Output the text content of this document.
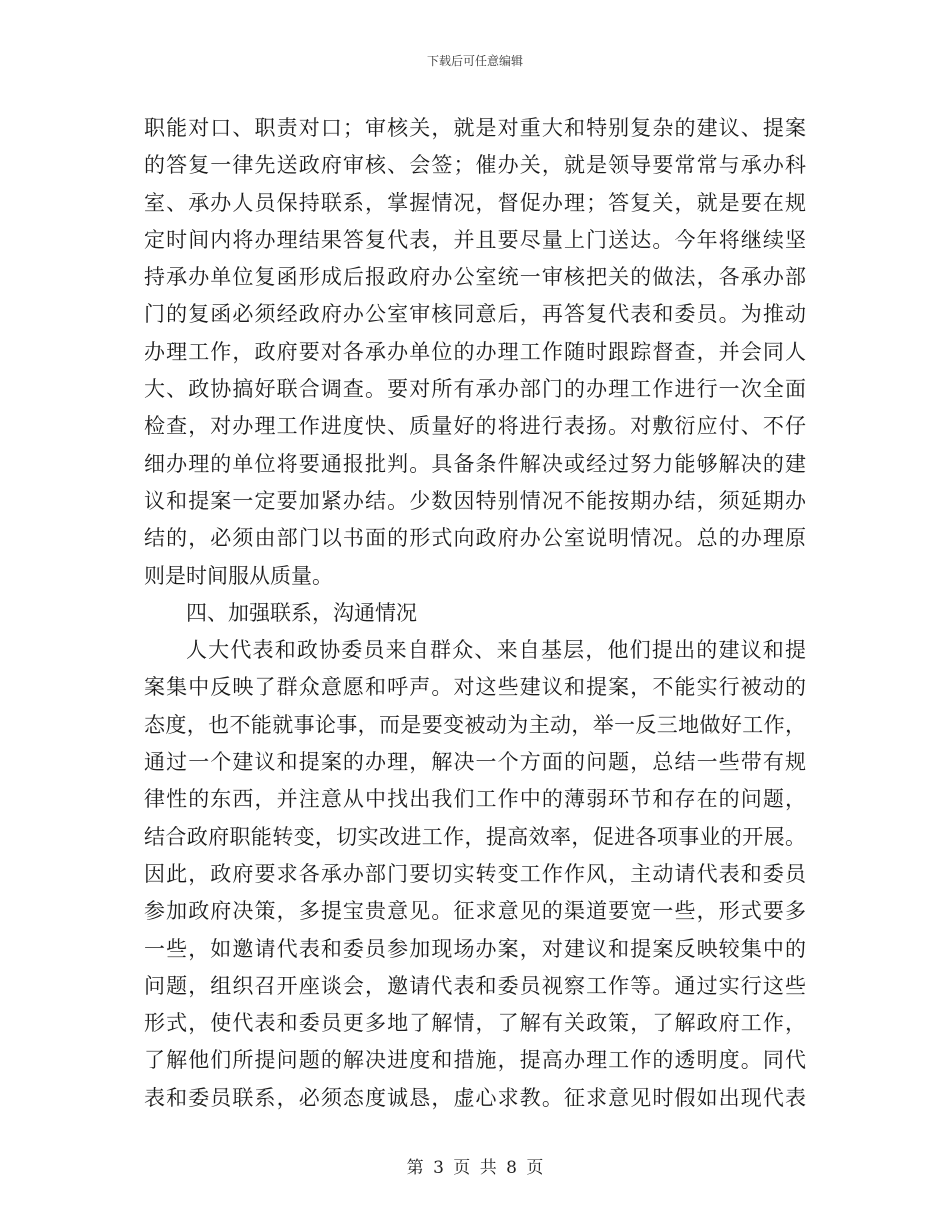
下载后可任意编辑
职能对口、职责对口；审核关，就是对重大和特别复杂的建议、提案
的答复一律先送政府审核、会签；催办关，就是领导要常常与承办科
室、承办人员保持联系，掌握情况，督促办理；答复关，就是要在规
定时间内将办理结果答复代表，并且要尽量上门送达。今年将继续坚
持承办单位复函形成后报政府办公室统一审核把关的做法，各承办部
门的复函必须经政府办公室审核同意后，再答复代表和委员。为推动
办理工作，政府要对各承办单位的办理工作随时跟踪督查，并会同人
大、政协搞好联合调查。要对所有承办部门的办理工作进行一次全面
检查，对办理工作进度快、质量好的将进行表扬。对敷衍应付、不仔
细办理的单位将要通报批判。具备条件解决或经过努力能够解决的建
议和提案一定要加紧办结。少数因特别情况不能按期办结，须延期办
结的，必须由部门以书面的形式向政府办公室说明情况。总的办理原
则是时间服从质量。
四、加强联系，沟通情况
人大代表和政协委员来自群众、来自基层，他们提出的建议和提
案集中反映了群众意愿和呼声。对这些建议和提案，不能实行被动的
态度，也不能就事论事，而是要变被动为主动，举一反三地做好工作，
通过一个建议和提案的办理，解决一个方面的问题，总结一些带有规
律性的东西，并注意从中找出我们工作中的薄弱环节和存在的问题，
结合政府职能转变，切实改进工作，提高效率，促进各项事业的开展。
因此，政府要求各承办部门要切实转变工作作风，主动请代表和委员
参加政府决策，多提宝贵意见。征求意见的渠道要宽一些，形式要多
一些，如邀请代表和委员参加现场办案，对建议和提案反映较集中的
问题，组织召开座谈会，邀请代表和委员视察工作等。通过实行这些
形式，使代表和委员更多地了解情，了解有关政策，了解政府工作，
了解他们所提问题的解决进度和措施，提高办理工作的透明度。同代
表和委员联系，必须态度诚恳，虚心求教。征求意见时假如出现代表
第 3 页 共 8 页
